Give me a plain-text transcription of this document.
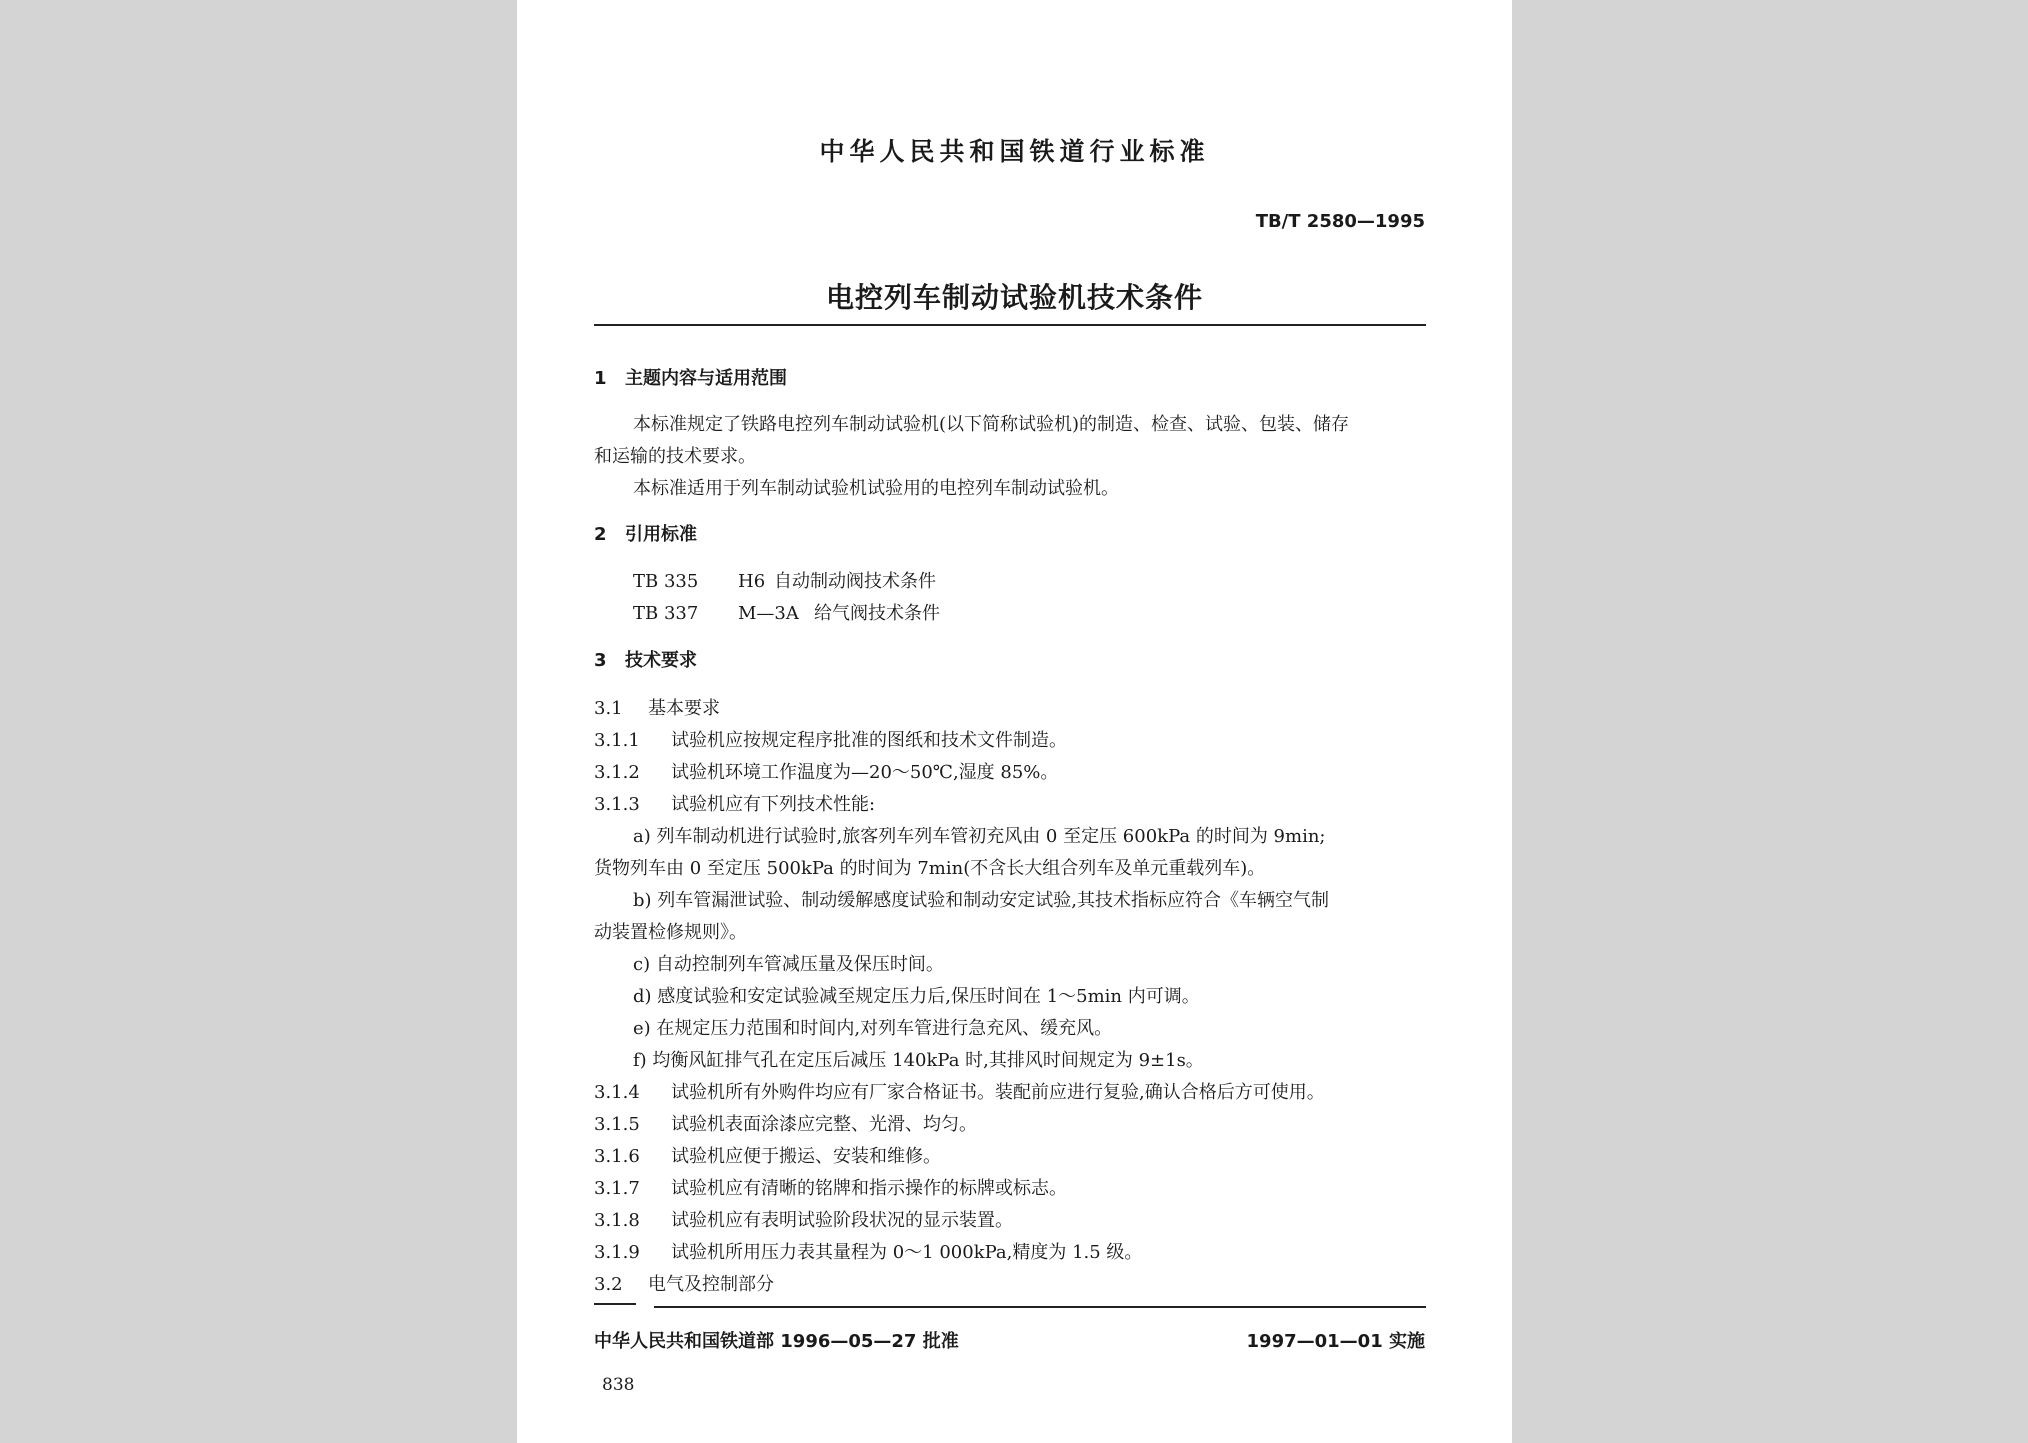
中华人民共和国铁道行业标准
TB/T 2580—1995
电控列车制动试验机技术条件
1 主题内容与适用范围
本标准规定了铁路电控列车制动试验机(以下简称试验机)的制造、检查、试验、包装、储存
和运输的技术要求。
本标准适用于列车制动试验机试验用的电控列车制动试验机。
2 引用标准
TB 335 H6 自动制动阀技术条件
TB 337 M—3A 给气阀技术条件
3 技术要求
3.1 基本要求
3.1.1 试验机应按规定程序批准的图纸和技术文件制造。
3.1.2 试验机环境工作温度为—20～50℃,湿度 85%。
3.1.3 试验机应有下列技术性能:
a) 列车制动机进行试验时,旅客列车列车管初充风由 0 至定压 600kPa 的时间为 9min;
货物列车由 0 至定压 500kPa 的时间为 7min(不含长大组合列车及单元重载列车)。
b) 列车管漏泄试验、制动缓解感度试验和制动安定试验,其技术指标应符合《车辆空气制
动装置检修规则》。
c) 自动控制列车管减压量及保压时间。
d) 感度试验和安定试验减至规定压力后,保压时间在 1～5min 内可调。
e) 在规定压力范围和时间内,对列车管进行急充风、缓充风。
f) 均衡风缸排气孔在定压后减压 140kPa 时,其排风时间规定为 9±1s。
3.1.4 试验机所有外购件均应有厂家合格证书。装配前应进行复验,确认合格后方可使用。
3.1.5 试验机表面涂漆应完整、光滑、均匀。
3.1.6 试验机应便于搬运、安装和维修。
3.1.7 试验机应有清晰的铭牌和指示操作的标牌或标志。
3.1.8 试验机应有表明试验阶段状况的显示装置。
3.1.9 试验机所用压力表其量程为 0～1 000kPa,精度为 1.5 级。
3.2 电气及控制部分
中华人民共和国铁道部 1996—05—27 批准	1997—01—01 实施
838
